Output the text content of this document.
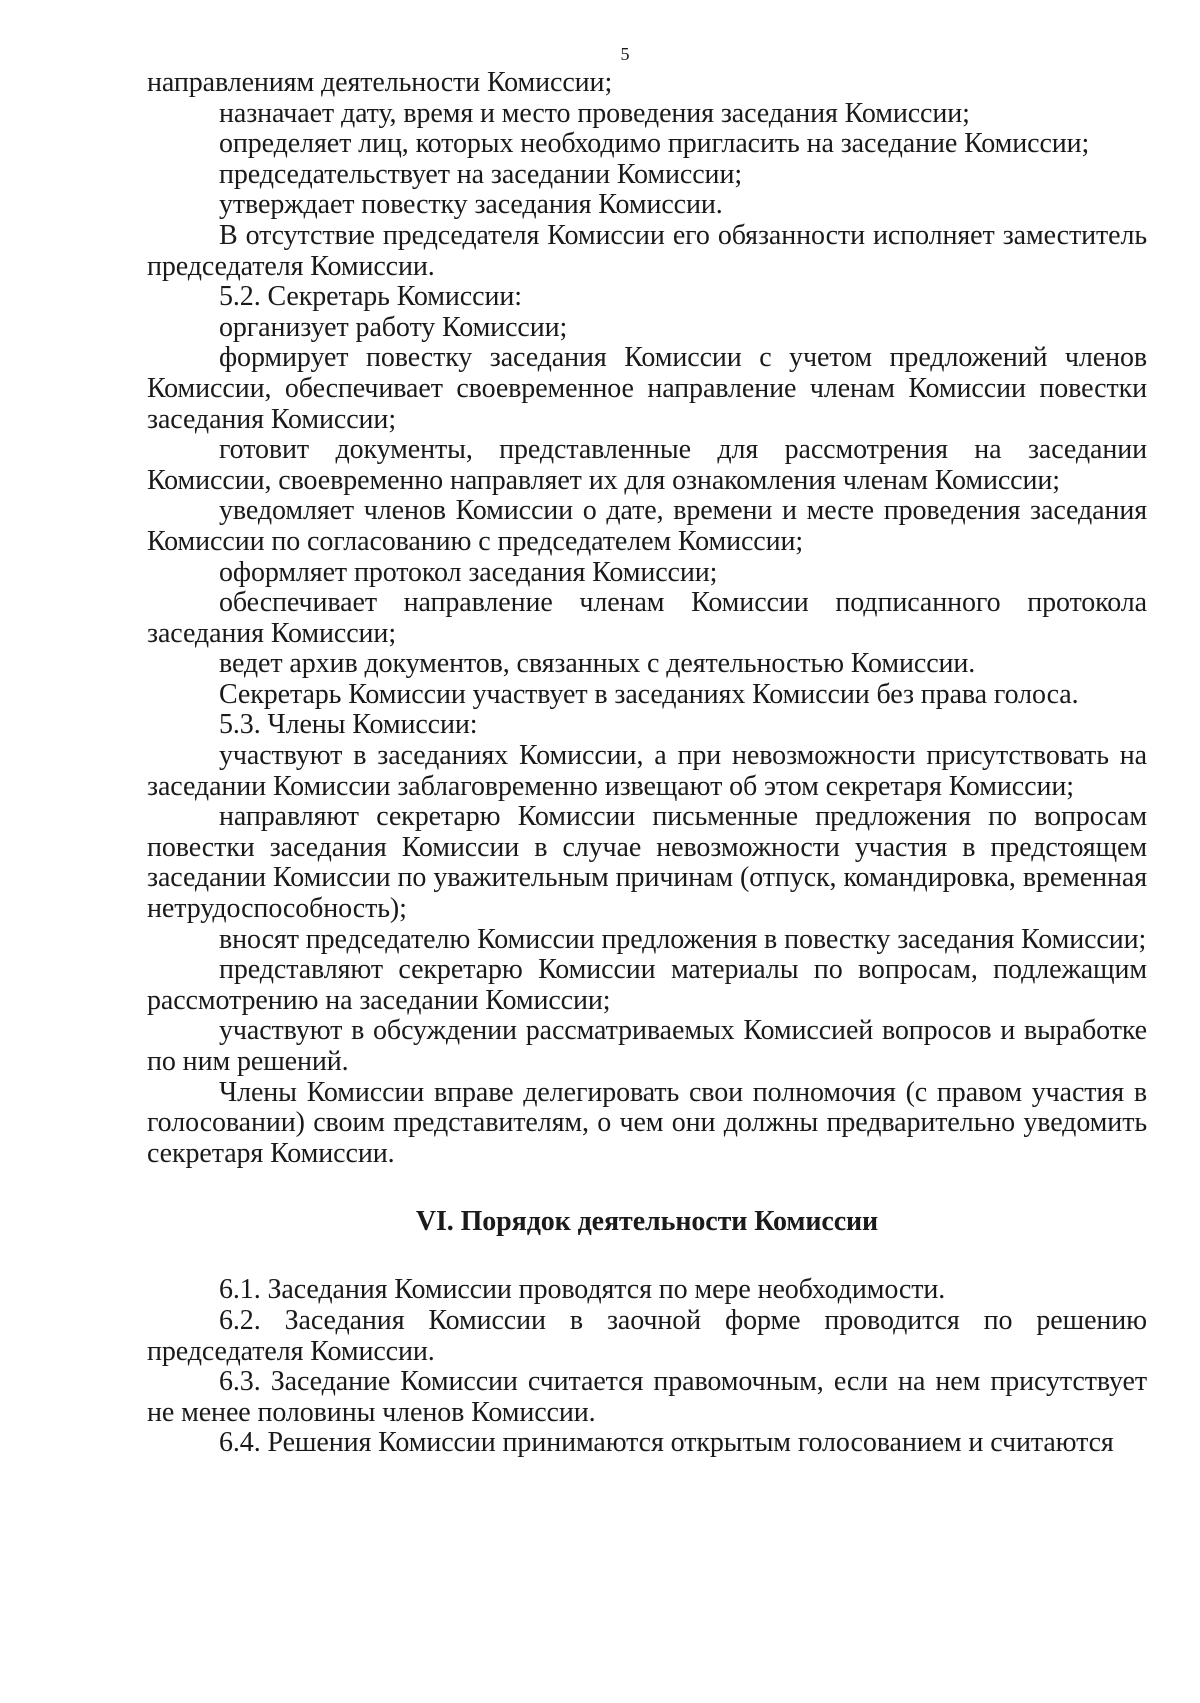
5

направлениям деятельности Комиссии;

назначает дату, время и место проведения заседания Комиссии;

определяет лиц, которых необходимо пригласить на заседание Комиссии;

председательствует на заседании Комиссии;

утверждает повестку заседания Комиссии.

В отсутствие председателя Комиссии его обязанности исполняет заместитель председателя Комиссии.

5.2. Секретарь Комиссии:

организует работу Комиссии;

формирует повестку заседания Комиссии с учетом предложений членов Комиссии, обеспечивает своевременное направление членам Комиссии повестки заседания Комиссии;

готовит документы, представленные для рассмотрения на заседании Комиссии, своевременно направляет их для ознакомления членам Комиссии;

уведомляет членов Комиссии о дате, времени и месте проведения заседания Комиссии по согласованию с председателем Комиссии;

оформляет протокол заседания Комиссии;

обеспечивает направление членам Комиссии подписанного протокола заседания Комиссии;

ведет архив документов, связанных с деятельностью Комиссии.

Секретарь Комиссии участвует в заседаниях Комиссии без права голоса.

5.3. Члены Комиссии:

участвуют в заседаниях Комиссии, а при невозможности присутствовать на заседании Комиссии заблаговременно извещают об этом секретаря Комиссии;

направляют секретарю Комиссии письменные предложения по вопросам повестки заседания Комиссии в случае невозможности участия в предстоящем заседании Комиссии по уважительным причинам (отпуск, командировка, временная нетрудоспособность);

вносят председателю Комиссии предложения в повестку заседания Комиссии;

представляют секретарю Комиссии материалы по вопросам, подлежащим рассмотрению на заседании Комиссии;

участвуют в обсуждении рассматриваемых Комиссией вопросов и выработке по ним решений.

Члены Комиссии вправе делегировать свои полномочия (с правом участия в голосовании) своим представителям, о чем они должны предварительно уведомить секретаря Комиссии.

VI. Порядок деятельности Комиссии

6.1. Заседания Комиссии проводятся по мере необходимости.

6.2. Заседания Комиссии в заочной форме проводится по решению председателя Комиссии.

6.3. Заседание Комиссии считается правомочным, если на нем присутствует не менее половины членов Комиссии.

6.4. Решения Комиссии принимаются открытым голосованием и считаются
